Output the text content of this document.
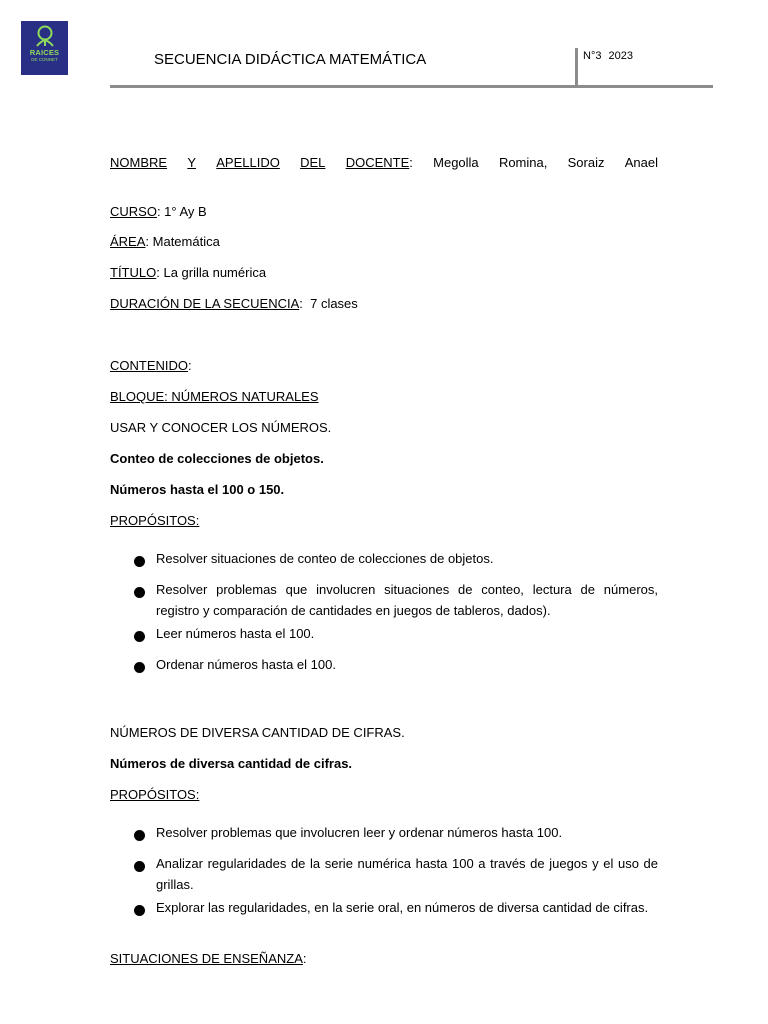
RAICES
DE CONNET	SECUENCIA DIDÁCTICA MATEMÁTICA	N°3 2023
NOMBRE Y APELLIDO DEL DOCENTE: Megolla Romina, Soraiz Anael
CURSO: 1° Ay B
ÁREA: Matemática
TÍTULO: La grilla numérica
DURACIÓN DE LA SECUENCIA:  7 clases
CONTENIDO:
BLOQUE: NÚMEROS NATURALES
USAR Y CONOCER LOS NÚMEROS.
Conteo de colecciones de objetos.
Números hasta el 100 o 150.
PROPÓSITOS:
Resolver situaciones de conteo de colecciones de objetos.
Resolver problemas que involucren situaciones de conteo, lectura de números, registro y comparación de cantidades en juegos de tableros, dados).
Leer números hasta el 100.
Ordenar números hasta el 100.
NÚMEROS DE DIVERSA CANTIDAD DE CIFRAS.
Números de diversa cantidad de cifras.
PROPÓSITOS:
Resolver problemas que involucren leer y ordenar números hasta 100.
Analizar regularidades de la serie numérica hasta 100 a través de juegos y el uso de grillas.
Explorar las regularidades, en la serie oral, en números de diversa cantidad de cifras.
SITUACIONES DE ENSEÑANZA:
